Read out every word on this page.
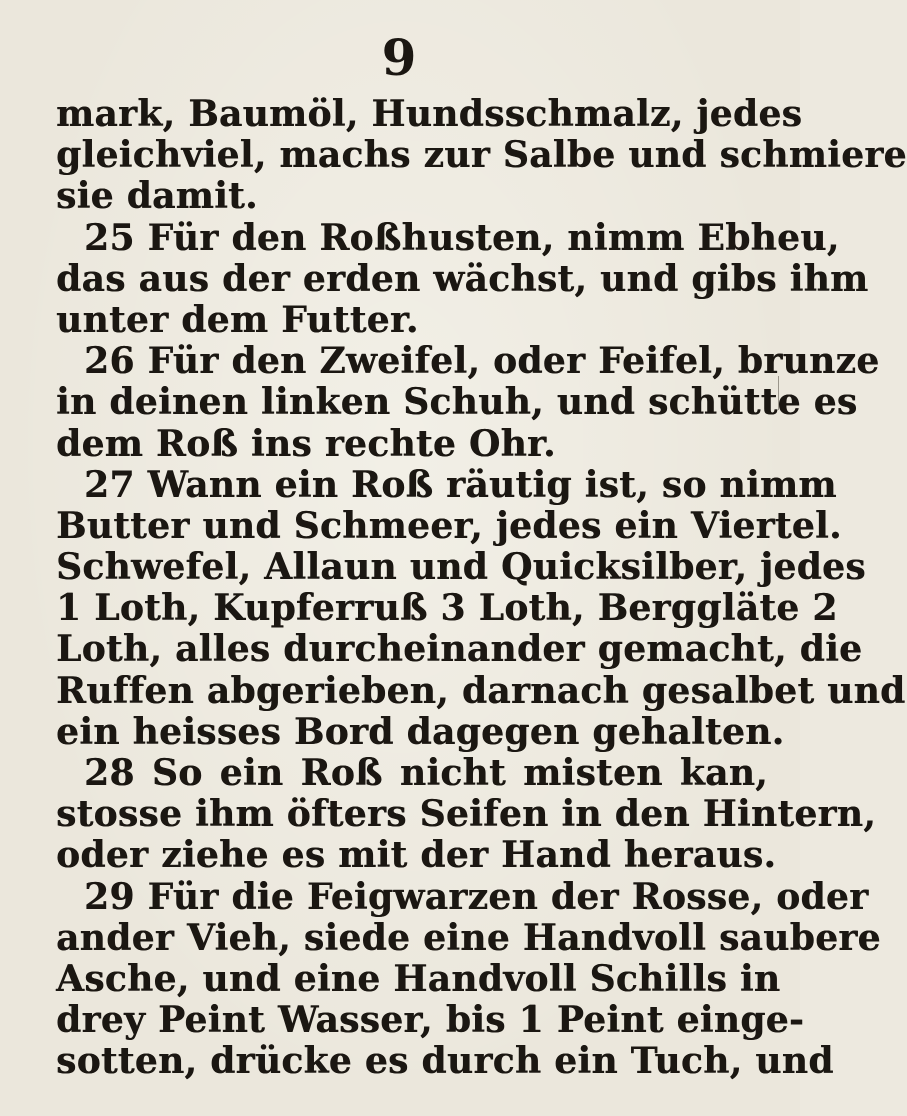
9
mark, Baumöl, Hundsschmalz, jedes
gleichviel, machs zur Salbe und schmiere
sie damit.
25 Für den Roßhusten, nimm Ebheu,
das aus der erden wächst, und gibs ihm
unter dem Futter.
26 Für den Zweifel, oder Feifel, brunze
in deinen linken Schuh, und schütte es
dem Roß ins rechte Ohr.
27 Wann ein Roß räutig ist, so nimm
Butter und Schmeer, jedes ein Viertel.
Schwefel, Allaun und Quicksilber, jedes
1 Loth, Kupferruß 3 Loth, Berggläte 2
Loth, alles durcheinander gemacht, die
Ruffen abgerieben, darnach gesalbet und
ein heisses Bord dagegen gehalten.
28 So ein Roß nicht misten kan,
stosse ihm öfters Seifen in den Hintern,
oder ziehe es mit der Hand heraus.
29 Für die Feigwarzen der Rosse, oder
ander Vieh, siede eine Handvoll saubere
Asche, und eine Handvoll Schills in
drey Peint Wasser, bis 1 Peint einge-
sotten, drücke es durch ein Tuch, und
